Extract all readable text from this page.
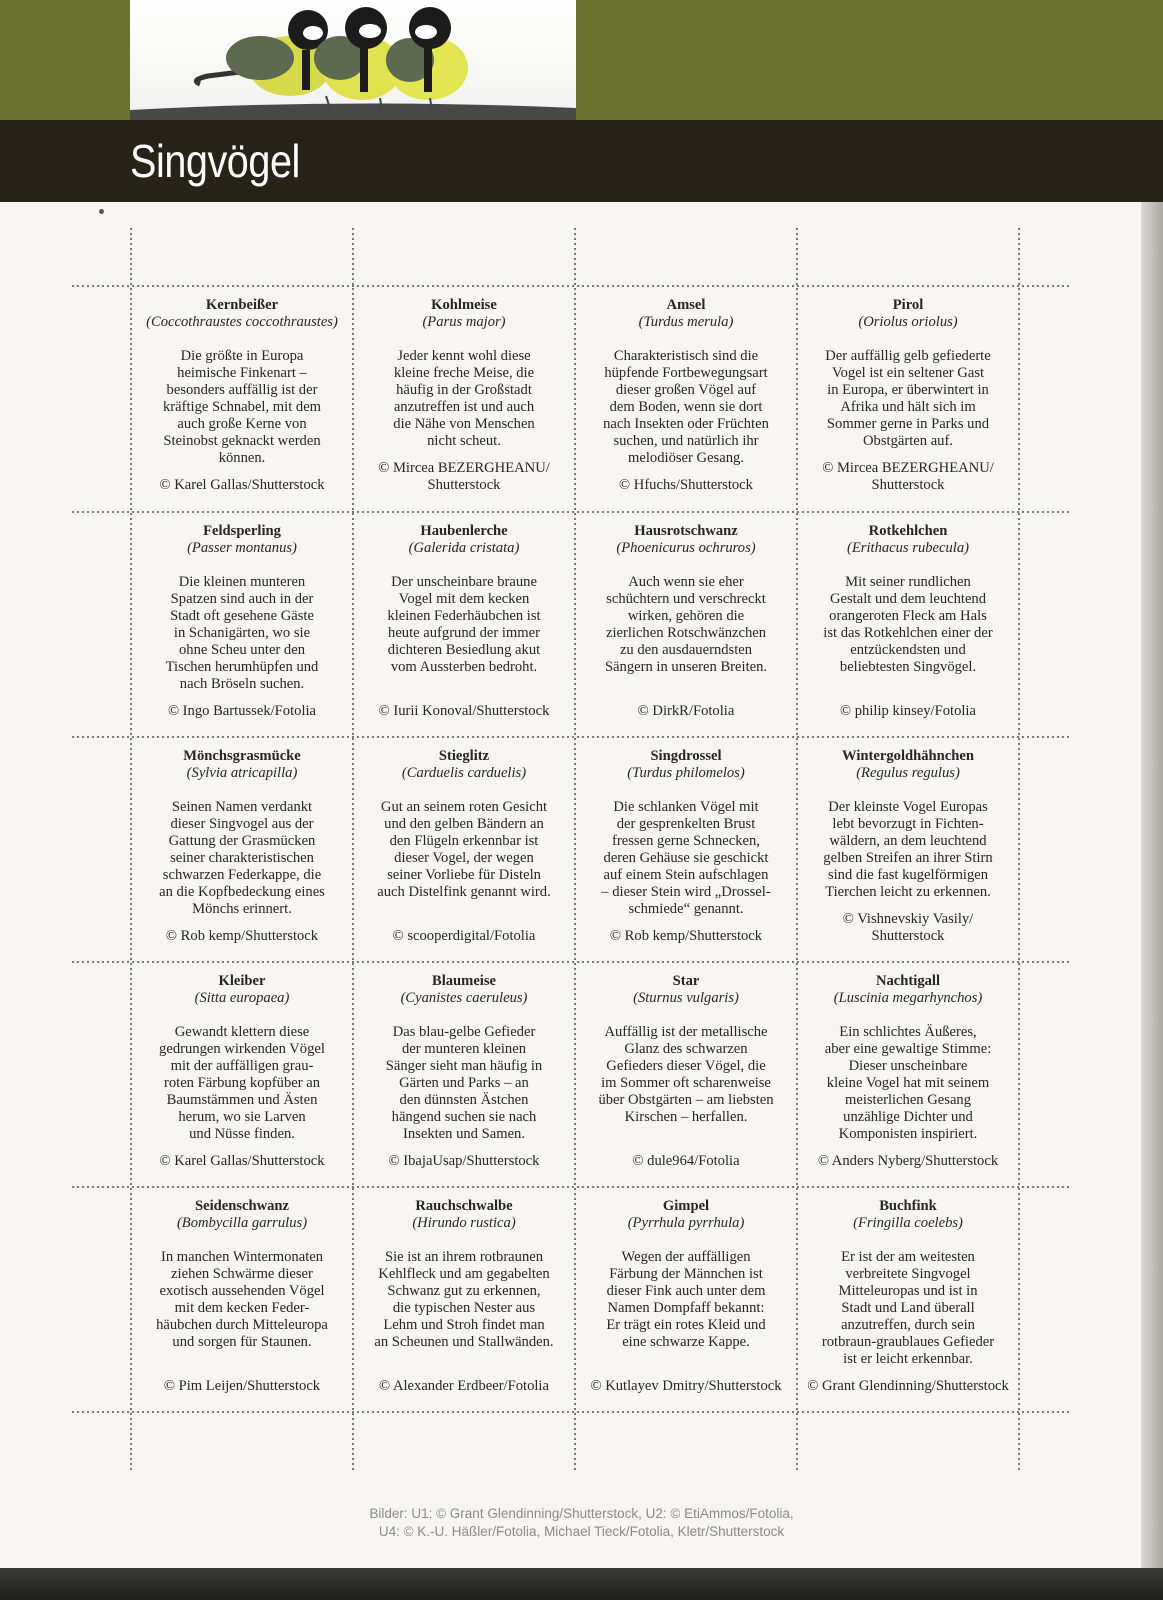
Singvögel
Kernbeißer
(Coccothraustes coccothraustes)
Die größte in Europa
heimische Finkenart –
besonders auffällig ist der
kräftige Schnabel, mit dem
auch große Kerne von
Steinobst geknackt werden
können.
© Karel Gallas/Shutterstock
Kohlmeise
(Parus major)
Jeder kennt wohl diese
kleine freche Meise, die
häufig in der Großstadt
anzutreffen ist und auch
die Nähe von Menschen
nicht scheut.
© Mircea BEZERGHEANU/
Shutterstock
Amsel
(Turdus merula)
Charakteristisch sind die
hüpfende Fortbewegungsart
dieser großen Vögel auf
dem Boden, wenn sie dort
nach Insekten oder Früchten
suchen, und natürlich ihr
melodiöser Gesang.
© Hfuchs/Shutterstock
Pirol
(Oriolus oriolus)
Der auffällig gelb gefiederte
Vogel ist ein seltener Gast
in Europa, er überwintert in
Afrika und hält sich im
Sommer gerne in Parks und
Obstgärten auf.
© Mircea BEZERGHEANU/
Shutterstock
Feldsperling
(Passer montanus)
Die kleinen munteren
Spatzen sind auch in der
Stadt oft gesehene Gäste
in Schanigärten, wo sie
ohne Scheu unter den
Tischen herumhüpfen und
nach Bröseln suchen.
© Ingo Bartussek/Fotolia
Haubenlerche
(Galerida cristata)
Der unscheinbare braune
Vogel mit dem kecken
kleinen Federhäubchen ist
heute aufgrund der immer
dichteren Besiedlung akut
vom Aussterben bedroht.
© Iurii Konoval/Shutterstock
Hausrotschwanz
(Phoenicurus ochruros)
Auch wenn sie eher
schüchtern und verschreckt
wirken, gehören die
zierlichen Rotschwänzchen
zu den ausdauerndsten
Sängern in unseren Breiten.
© DirkR/Fotolia
Rotkehlchen
(Erithacus rubecula)
Mit seiner rundlichen
Gestalt und dem leuchtend
orangeroten Fleck am Hals
ist das Rotkehlchen einer der
entzückendsten und
beliebtesten Singvögel.
© philip kinsey/Fotolia
Mönchsgrasmücke
(Sylvia atricapilla)
Seinen Namen verdankt
dieser Singvogel aus der
Gattung der Grasmücken
seiner charakteristischen
schwarzen Federkappe, die
an die Kopfbedeckung eines
Mönchs erinnert.
© Rob kemp/Shutterstock
Stieglitz
(Carduelis carduelis)
Gut an seinem roten Gesicht
und den gelben Bändern an
den Flügeln erkennbar ist
dieser Vogel, der wegen
seiner Vorliebe für Disteln
auch Distelfink genannt wird.
© scooperdigital/Fotolia
Singdrossel
(Turdus philomelos)
Die schlanken Vögel mit
der gesprenkelten Brust
fressen gerne Schnecken,
deren Gehäuse sie geschickt
auf einem Stein aufschlagen
– dieser Stein wird „Drossel-
schmiede“ genannt.
© Rob kemp/Shutterstock
Wintergoldhähnchen
(Regulus regulus)
Der kleinste Vogel Europas
lebt bevorzugt in Fichten-
wäldern, an dem leuchtend
gelben Streifen an ihrer Stirn
sind die fast kugelförmigen
Tierchen leicht zu erkennen.
© Vishnevskiy Vasily/
Shutterstock
Kleiber
(Sitta europaea)
Gewandt klettern diese
gedrungen wirkenden Vögel
mit der auffälligen grau-
roten Färbung kopfüber an
Baumstämmen und Ästen
herum, wo sie Larven
und Nüsse finden.
© Karel Gallas/Shutterstock
Blaumeise
(Cyanistes caeruleus)
Das blau-gelbe Gefieder
der munteren kleinen
Sänger sieht man häufig in
Gärten und Parks – an
den dünnsten Ästchen
hängend suchen sie nach
Insekten und Samen.
© IbajaUsap/Shutterstock
Star
(Sturnus vulgaris)
Auffällig ist der metallische
Glanz des schwarzen
Gefieders dieser Vögel, die
im Sommer oft scharenweise
über Obstgärten – am liebsten
Kirschen – herfallen.
© dule964/Fotolia
Nachtigall
(Luscinia megarhynchos)
Ein schlichtes Äußeres,
aber eine gewaltige Stimme:
Dieser unscheinbare
kleine Vogel hat mit seinem
meisterlichen Gesang
unzählige Dichter und
Komponisten inspiriert.
© Anders Nyberg/Shutterstock
Seidenschwanz
(Bombycilla garrulus)
In manchen Wintermonaten
ziehen Schwärme dieser
exotisch aussehenden Vögel
mit dem kecken Feder-
häubchen durch Mitteleuropa
und sorgen für Staunen.
© Pim Leijen/Shutterstock
Rauchschwalbe
(Hirundo rustica)
Sie ist an ihrem rotbraunen
Kehlfleck und am gegabelten
Schwanz gut zu erkennen,
die typischen Nester aus
Lehm und Stroh findet man
an Scheunen und Stallwänden.
© Alexander Erdbeer/Fotolia
Gimpel
(Pyrrhula pyrrhula)
Wegen der auffälligen
Färbung der Männchen ist
dieser Fink auch unter dem
Namen Dompfaff bekannt:
Er trägt ein rotes Kleid und
eine schwarze Kappe.
© Kutlayev Dmitry/Shutterstock
Buchfink
(Fringilla coelebs)
Er ist der am weitesten
verbreitete Singvogel
Mitteleuropas und ist in
Stadt und Land überall
anzutreffen, durch sein
rotbraun-graublaues Gefieder
ist er leicht erkennbar.
© Grant Glendinning/Shutterstock
Bilder: U1: © Grant Glendinning/Shutterstock, U2: © EtiAmmos/Fotolia,
U4: © K.-U. Häßler/Fotolia, Michael Tieck/Fotolia, Kletr/Shutterstock
